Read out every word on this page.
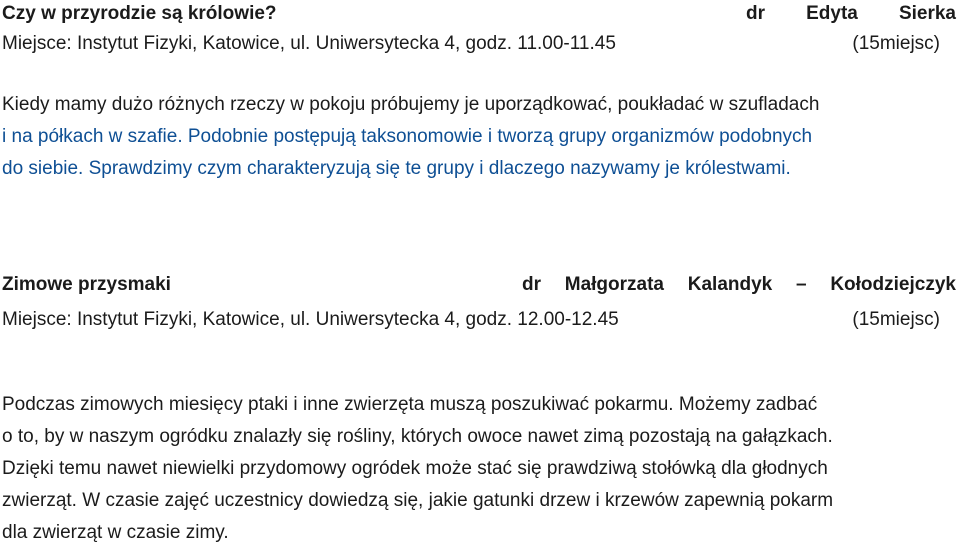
Czy w przyrodzie są królowie?	dr Edyta Sierka
Miejsce: Instytut Fizyki, Katowice, ul. Uniwersytecka 4, godz. 11.00-11.45	(15miejsc)
Kiedy mamy dużo różnych rzeczy w pokoju próbujemy je uporządkować, poukładać w szufladach
i na półkach w szafie. Podobnie postępują taksonomowie i tworzą grupy organizmów podobnych
do siebie. Sprawdzimy czym charakteryzują się te grupy i dlaczego nazywamy je królestwami.
Zimowe przysmaki	dr Małgorzata Kalandyk – Kołodziejczyk
Miejsce: Instytut Fizyki, Katowice, ul. Uniwersytecka 4, godz. 12.00-12.45	(15miejsc)
Podczas zimowych miesięcy ptaki i inne zwierzęta muszą poszukiwać pokarmu. Możemy zadbać
o to, by w naszym ogródku znalazły się rośliny, których owoce nawet zimą pozostają na gałązkach.
Dzięki temu nawet niewielki przydomowy ogródek może stać się prawdziwą stołówką dla głodnych
zwierząt. W czasie zajęć uczestnicy dowiedzą się, jakie gatunki drzew i krzewów zapewnią pokarm
dla zwierząt w czasie zimy.
